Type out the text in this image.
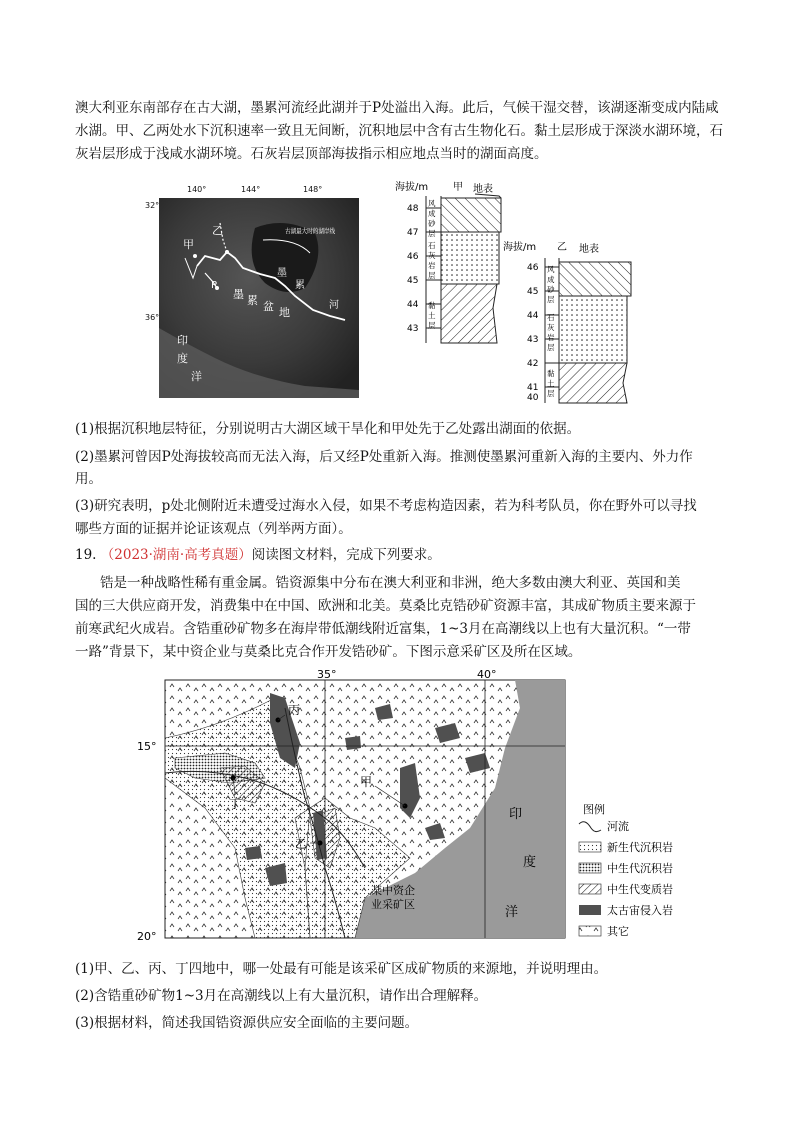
澳大利亚东南部存在古大湖，墨累河流经此湖并于P处溢出入海。此后，气候干湿交替，该湖逐渐变成内陆咸水湖。甲、乙两处水下沉积速率一致且无间断，沉积地层中含有古生物化石。黏土层形成于深淡水湖环境，石灰岩层形成于浅咸水湖环境。石灰岩层顶部海拔指示相应地点当时的湖面高度。

140°	144°	148°
32°
36°
甲
乙
P
古湖最大时的湖岸线
墨
累
河
墨 累 盆 地
印
度
洋
海拔/m 甲 地表
48
47
46
45
44
43
风
成
砂
层
石
灰
岩
层
黏
土
层
海拔/m 乙 地表
46
45
44
43
42
41
40
风
成
砂
层
石
灰
岩
层
黏
土
层

(1)根据沉积地层特征，分别说明古大湖区域干旱化和甲处先于乙处露出湖面的依据。

(2)墨累河曾因P处海拔较高而无法入海，后又经P处重新入海。推测使墨累河重新入海的主要内、外力作

用。

(3)研究表明，p处北侧附近未遭受过海水入侵，如果不考虑构造因素，若为科考队员，你在野外可以寻找

哪些方面的证据并论证该观点（列举两方面）。

19. （2023·湖南·高考真题）阅读图文材料，完成下列要求。

锆是一种战略性稀有重金属。锆资源集中分布在澳大利亚和非洲，绝大多数由澳大利亚、英国和美

国的三大供应商开发，消费集中在中国、欧洲和北美。莫桑比克锆砂矿资源丰富，其成矿物质主要来源于

前寒武纪火成岩。含锆重砂矿物多在海岸带低潮线附近富集，1~3月在高潮线以上也有大量沉积。“一带

一路”背景下，某中资企业与莫桑比克合作开发锆砂矿。下图示意采矿区及所在区域。

35°	40°
15°
20°
丙
甲
丁
乙
某中资企
业采矿区
印
度
洋
图例
河流
新生代沉积岩
中生代沉积岩
中生代变质岩
太古宙侵入岩
其它

(1)甲、乙、丙、丁四地中，哪一处最有可能是该采矿区成矿物质的来源地，并说明理由。

(2)含锆重砂矿物1~3月在高潮线以上有大量沉积，请作出合理解释。

(3)根据材料，简述我国锆资源供应安全面临的主要问题。
